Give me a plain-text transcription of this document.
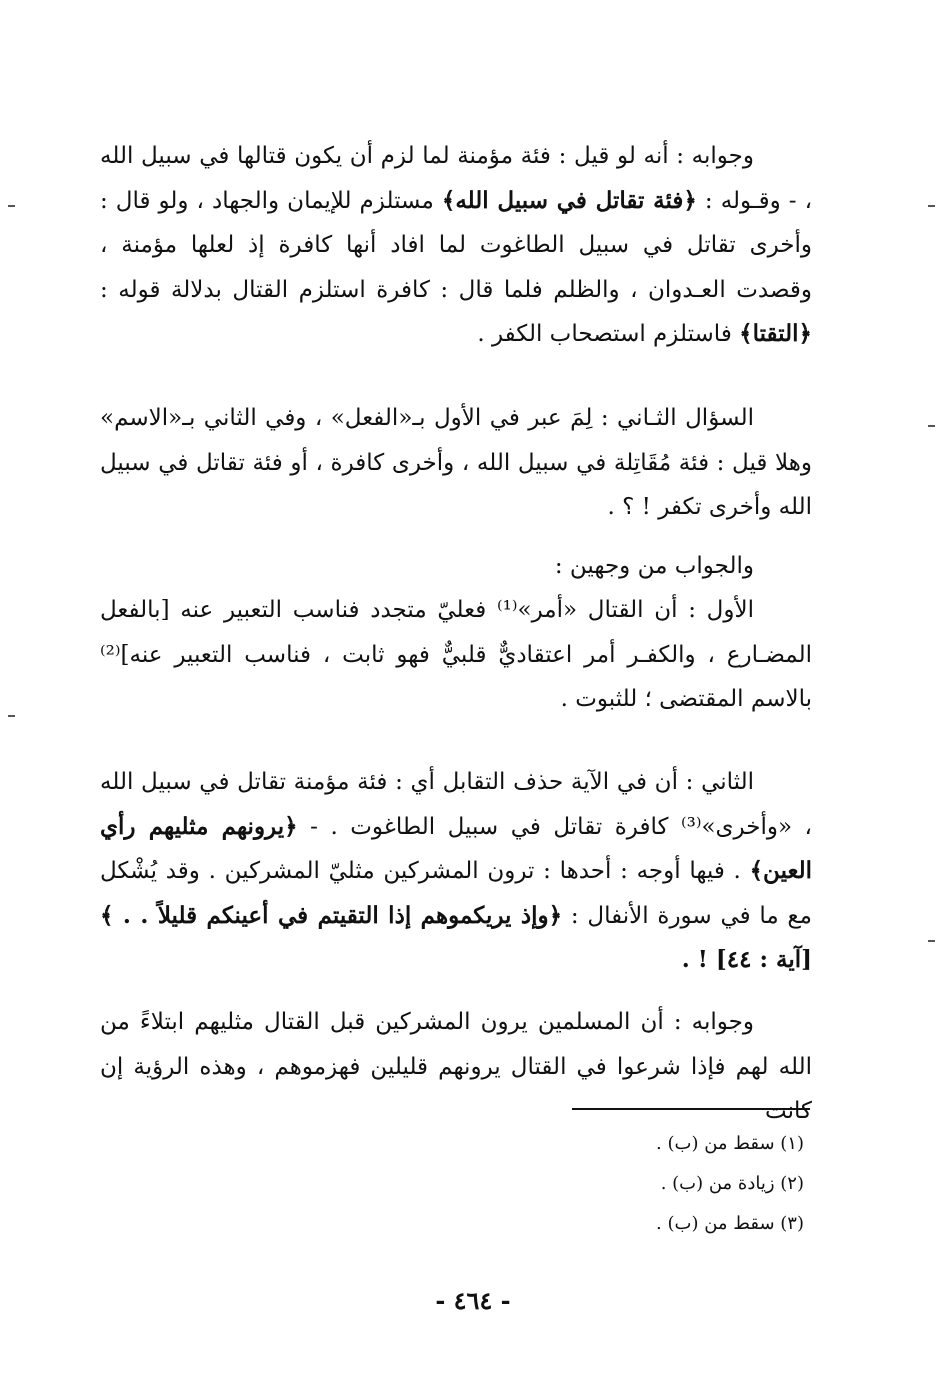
وجوابه : أنه لو قيل : فئة مؤمنة لما لزم أن يكون قتالها في سبيل الله ، - وقـوله : ﴿فئة تقاتل في سبيل الله﴾ مستلزم للإيمان والجهاد ، ولو قال : وأخرى تقاتل في سبيل الطاغوت لما افاد أنها كافرة إذ لعلها مؤمنة ، وقصدت العـدوان ، والظلم فلما قال : كافرة استلزم القتال بدلالة قوله : ﴿التقتا﴾ فاستلزم استصحاب الكفر .

السؤال الثـاني : لِمَ عبر في الأول بـ«الفعل» ، وفي الثاني بـ«الاسم» وهلا قيل : فئة مُقَاتِلة في سبيل الله ، وأخرى كافرة ، أو فئة تقاتل في سبيل الله وأخرى تكفر ! ؟ .

والجواب من وجهين :

الأول : أن القتال «أمر»⁽¹⁾ فعليّ متجدد فناسب التعبير عنه [بالفعل المضـارع ، والكفـر أمر اعتقاديٌّ قلبيٌّ فهو ثابت ، فناسب التعبير عنه]⁽²⁾ بالاسم المقتضى ؛ للثبوت .

الثاني : أن في الآية حذف التقابل أي : فئة مؤمنة تقاتل في سبيل الله ، «وأخرى»⁽³⁾ كافرة تقاتل في سبيل الطاغوت . - ﴿يرونهم مثليهم رأي العين﴾ . فيها أوجه : أحدها : ترون المشركين مثليّ المشركين . وقد يُشْكل مع ما في سورة الأنفال : ﴿وإذ يريكموهم إذا التقيتم في أعينكم قليلاً . . ﴾ [آية : ٤٤] ! .

وجوابه : أن المسلمين يرون المشركين قبل القتال مثليهم ابتلاءً من الله لهم فإذا شرعوا في القتال يرونهم قليلين فهزموهم ، وهذه الرؤية إن كانت

(١) سقط من (ب) .

(٢) زيادة من (ب) .

(٣) سقط من (ب) .

- ٤٦٤ -
